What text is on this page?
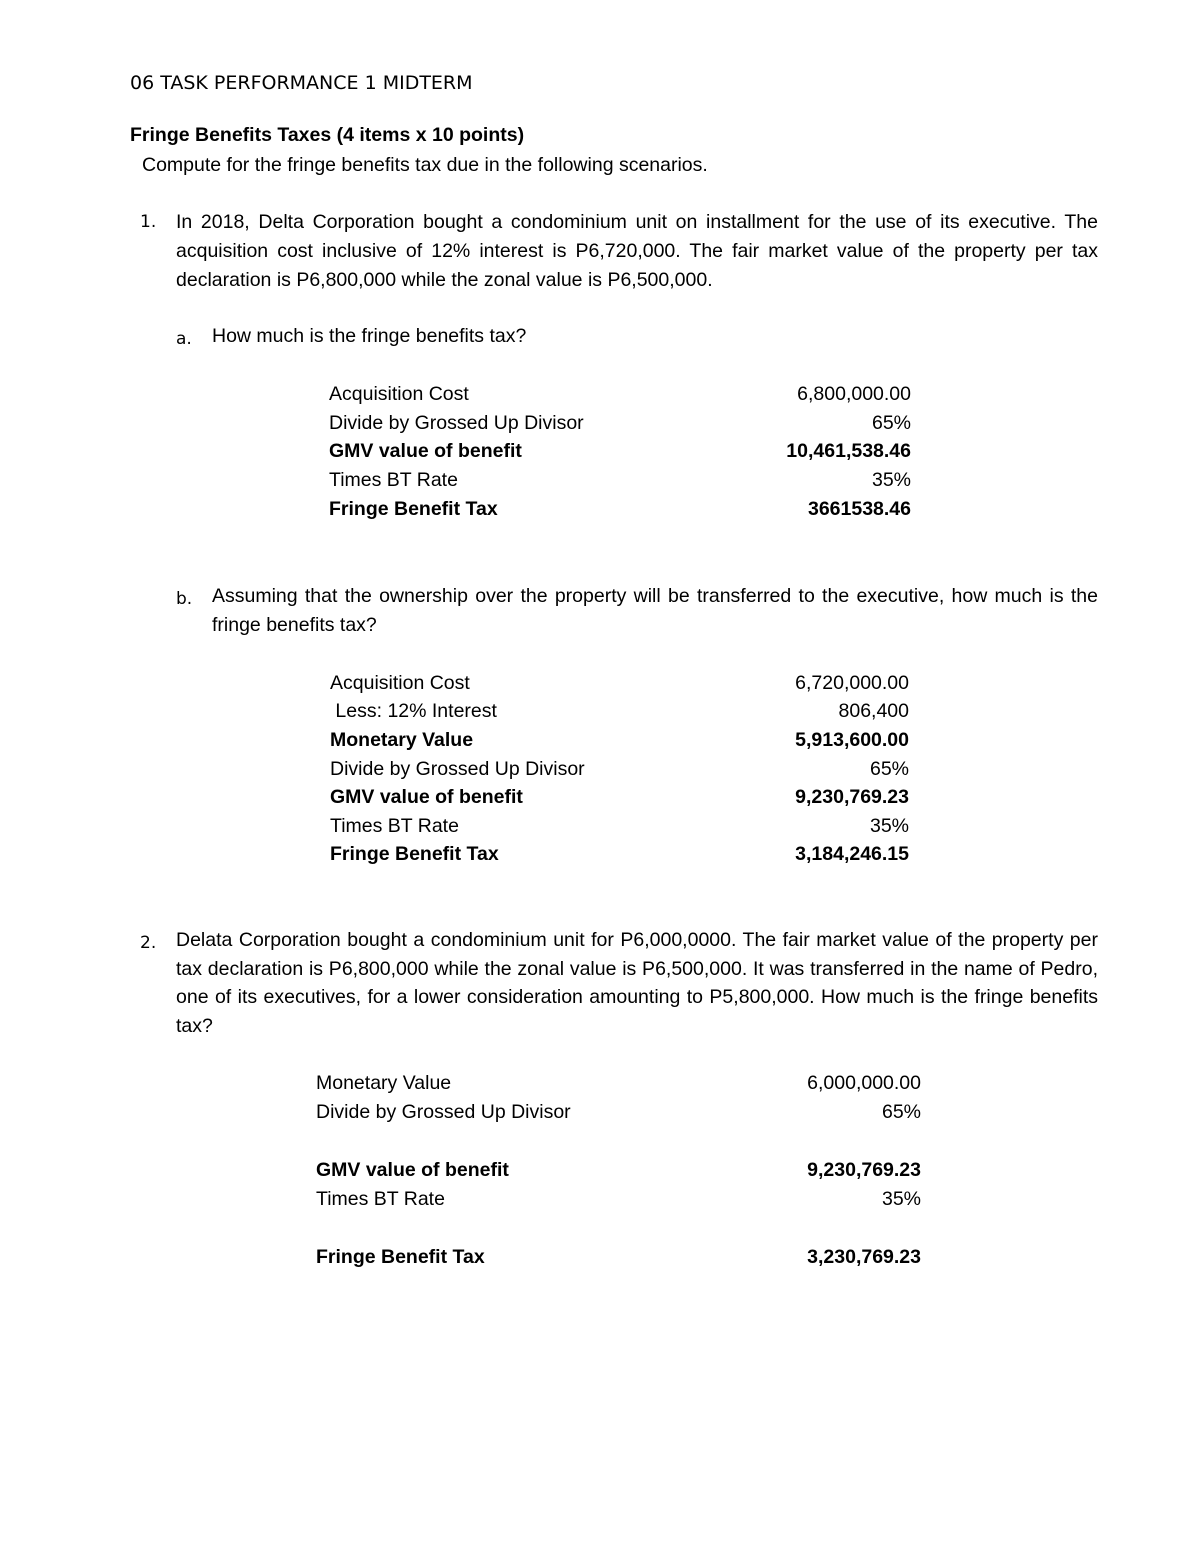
06 TASK PERFORMANCE 1 MIDTERM
Fringe Benefits Taxes (4 items x 10 points)
Compute for the fringe benefits tax due in the following scenarios.
1. In 2018, Delta Corporation bought a condominium unit on installment for the use of its executive. The acquisition cost inclusive of 12% interest is P6,720,000. The fair market value of the property per tax declaration is P6,800,000 while the zonal value is P6,500,000.
a. How much is the fringe benefits tax?
Acquisition Cost	6,800,000.00
Divide by Grossed Up Divisor	65%
GMV value of benefit	10,461,538.46
Times BT Rate	35%
Fringe Benefit Tax	3661538.46
b. Assuming that the ownership over the property will be transferred to the executive, how much is the fringe benefits tax?
Acquisition Cost	6,720,000.00
Less: 12% Interest	806,400
Monetary Value	5,913,600.00
Divide by Grossed Up Divisor	65%
GMV value of benefit	9,230,769.23
Times BT Rate	35%
Fringe Benefit Tax	3,184,246.15
2. Delata Corporation bought a condominium unit for P6,000,0000. The fair market value of the property per tax declaration is P6,800,000 while the zonal value is P6,500,000. It was transferred in the name of Pedro, one of its executives, for a lower consideration amounting to P5,800,000. How much is the fringe benefits tax?
Monetary Value	6,000,000.00
Divide by Grossed Up Divisor	65%
GMV value of benefit	9,230,769.23
Times BT Rate	35%
Fringe Benefit Tax	3,230,769.23
